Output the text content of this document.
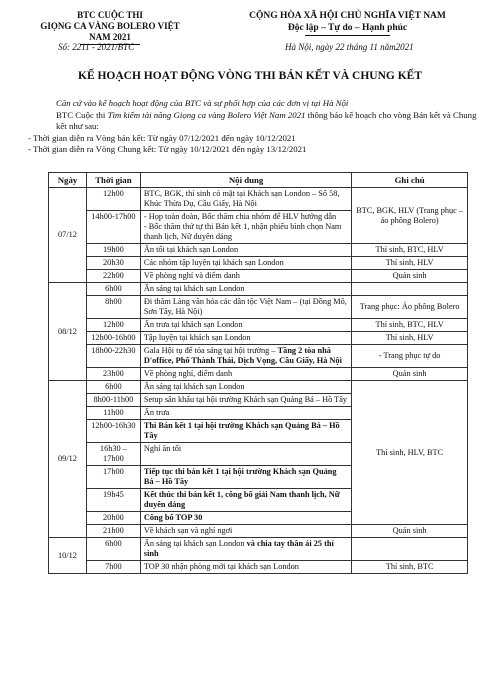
BTC CUỘC THI
GIỌNG CA VÀNG BOLERO VIỆT NAM 2021
CỘNG HÒA XÃ HỘI CHỦ NGHĨA VIỆT NAM
Độc lập – Tự do – Hạnh phúc
Số: 2211 - 2021/BTC	Hà Nội, ngày 22 tháng 11 năm2021
KẾ HOẠCH HOẠT ĐỘNG VÒNG THI BÁN KẾT VÀ CHUNG KẾT

Căn cứ vào kế hoạch hoạt động của BTC và sự phối hợp của các đơn vị tại Hà Nội

BTC Cuộc thi Tìm kiếm tài năng Giọng ca vàng Bolero Việt Nam 2021 thông báo kế hoạch cho vòng Bán kết và Chung kết như sau:

- Thời gian diễn ra Vòng bán kết: Từ ngày 07/12/2021 đến ngày 10/12/2021

- Thời gian diễn ra Vòng Chung kết: Từ ngày 10/12/2021 đến ngày 13/12/2021

Ngày	Thời gian	Nội dung	Ghi chú
07/12	12h00	BTC, BGK, thí sinh có mặt tại Khách sạn London – Số 58, Khúc Thừa Dụ, Cầu Giấy, Hà Nội	BTC, BGK, HLV (Trang phục – áo phông Bolero)
	14h00-17h00	- Họp toàn đoàn, Bốc thăm chia nhóm để HLV hướng dẫn
- Bốc thăm thứ tự thi Bán kết 1, nhận phiếu bình chọn Nam thanh lịch, Nữ duyên dáng	

	19h00	Ăn tối tại khách sạn London	Thí sinh, BTC, HLV
	20h30	Các nhóm tập luyện tại khách sạn London	Thí sinh, HLV
	22h00	Về phòng nghỉ và điểm danh	Quản sinh
08/12	6h00	Ăn sáng tại khách sạn London	
	8h00	Đi thăm Làng văn hóa các dân tộc Việt Nam – (tại Đồng Mô, Sơn Tây, Hà Nội)	Trang phục: Áo phông Bolero
	12h00	Ăn trưa tại khách sạn London	Thí sinh, BTC, HLV
	12h00-16h00	Tập luyện tại khách sạn London	Thí sinh, HLV
	18h00-22h30	Gala Hội tụ để tỏa sáng tại hội trường – Tầng 2 tòa nhà D'office, Phố Thành Thái, Dịch Vọng, Cầu Giấy, Hà Nội	- Trang phục tự do
	23h00	Về phòng nghỉ, điểm danh	Quản sinh
09/12	6h00	Ăn sáng tại khách sạn London	Thí sinh, HLV, BTC
	8h00-11h00	Setup sân khấu tại hội trường Khách sạn Quảng Bá – Hồ Tây	
	11h00	Ăn trưa	
	12h00-16h30	Thi Bán kết 1 tại hội trường Khách sạn Quảng Bá – Hồ Tây	
	16h30 – 17h00	Nghỉ ăn tối	
	17h00	Tiếp tục thi bán kết 1 tại hội trường Khách sạn Quảng Bá – Hồ Tây	
	19h45	Kết thúc thi bán kết 1, công bố giải Nam thanh lịch, Nữ duyên dáng	
	20h00	Công bố TOP 30	
	21h00	Về khách sạn và nghỉ ngơi	Quản sinh
10/12	6h00	Ăn sáng tại khách sạn London và chia tay thân ái 25 thí sinh	
	7h00	TOP 30 nhận phòng mới tại khách sạn London	Thí sinh, BTC
